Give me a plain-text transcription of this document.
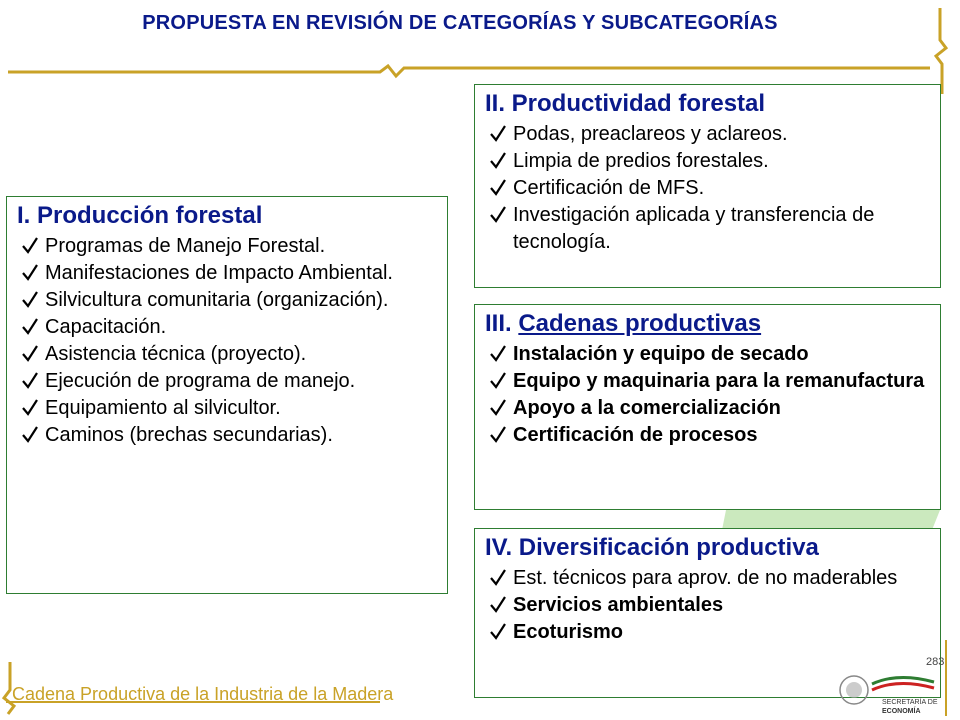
PROPUESTA EN REVISIÓN DE CATEGORÍAS Y SUBCATEGORÍAS
I. Producción forestal
Programas de Manejo Forestal.
Manifestaciones de Impacto Ambiental.
Silvicultura comunitaria (organización).
Capacitación.
Asistencia técnica (proyecto).
Ejecución de programa de manejo.
Equipamiento al silvicultor.
Caminos (brechas secundarias).
II. Productividad forestal
Podas, preaclareos y aclareos.
Limpia de predios forestales.
Certificación de MFS.
Investigación aplicada y transferencia de tecnología.
III. Cadenas productivas
Instalación y equipo de secado
Equipo y maquinaria para la remanufactura
Apoyo a la comercialización
Certificación de procesos
IV. Diversificación productiva
Est. técnicos para aprov. de no maderables
Servicios ambientales
Ecoturismo
283
Cadena Productiva de la Industria de la Madera	SECRETARÍA DE
ECONOMÍA
